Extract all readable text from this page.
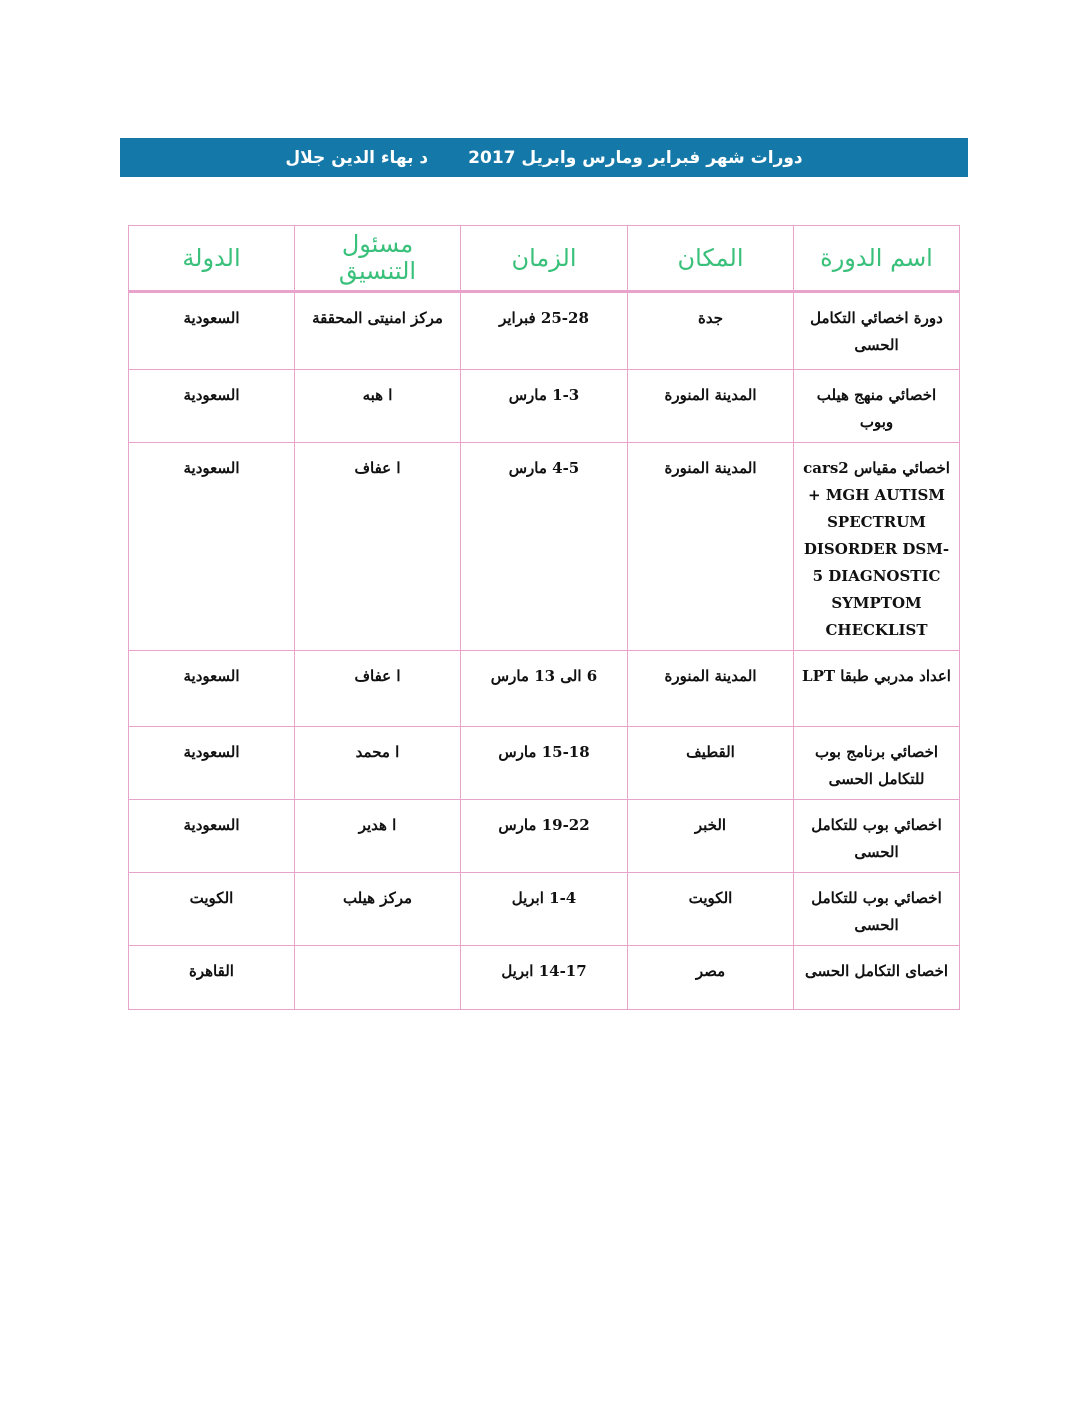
دورات شهر فبراير ومارس وابريل 2017
د بهاء الدين جلال
اسم الدورة	المكان	الزمان	مسئول التنسيق	الدولة
دورة اخصائي التكامل الحسى	جدة	25-28 فبراير	مركز امنيتى المحققة	السعودية
اخصائي منهج هيلب وبوب	المدينة المنورة	1-3 مارس	ا هبه	السعودية
اخصائي مقياس cars2 + MGH AUTISM SPECTRUM DISORDER DSM-5 DIAGNOSTIC SYMPTOM CHECKLIST	المدينة المنورة	4-5 مارس	ا عفاف	السعودية
اعداد مدربي طبقا LPT	المدينة المنورة	6 الى 13 مارس	ا عفاف	السعودية
اخصائي برنامج بوب للتكامل الحسى	القطيف	15-18 مارس	ا محمد	السعودية
اخصائي بوب للتكامل الحسى	الخبر	19-22 مارس	ا هدير	السعودية
اخصائي بوب للتكامل الحسى	الكويت	1-4 ابريل	مركز هيلب	الكويت
اخصاى التكامل الحسى	مصر	14-17 ابريل		القاهرة
